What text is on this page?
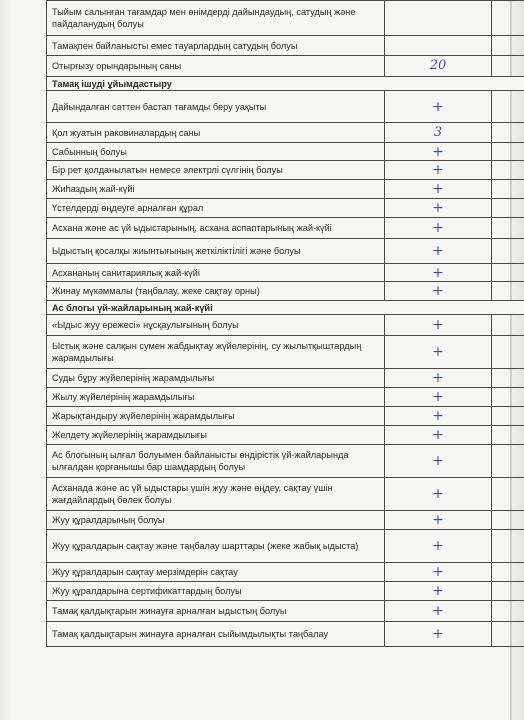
Тыйым салынған тағамдар мен өнімдерді дайындаудың, сатудың және пайдаланудың болуы		
Тамақпен байланысты емес тауарлардың сатудың болуы		
Отырғызу орындарының саны	20	
Тамақ ішуді ұйымдастыру		
Дайындалған сәттен бастап тағамды беру уақыты	+	
Қол жуатын раковиналардың саны	3	
Сабынның болуы	+	
Бір рет қолданылатын немесе электрлі сүлгінің болуы	+	
Жиһаздың жай-күйі	+	
Үстелдерді өңдеуге арналған құрал	+	
Асхана және ас үй ыдыстарының, асхана аспаптарының жай-күйі	+	
Ыдыстың қосалқы жиынтығының жеткіліктілігі және болуы	+	
Асхананың санитариялық жай-күйі	+	
Жинау мүкәммалы (таңбалау, жеке сақтау орны)	+	
Ас блогы үй-жайларының жай-күйі		
«Ыдыс жуу ережесі» нұсқаулығының болуы	+	
Ыстық және салқын сумен жабдықтау жүйелерінің, су жылытқыштардың жарамдылығы	+	
Суды бұру жүйелерінің жарамдылығы	+	
Жылу жүйелерінің жарамдылығы	+	
Жарықтандыру жүйелерінің жарамдылығы	+	
Желдету жүйелерінің жарамдылығы	+	
Ас блогының ылғал болуымен байланысты өндірістік үй-жайларында ылғалдан қорғанышы бар шамдардың болуы	+	
Асханада және ас үй ыдыстары үшін жуу және өңдеу, сақтау үшін жағдайлардың бөлек болуы	+	
Жуу құралдарының болуы	+	
Жуу құралдарын сақтау және таңбалау шарттары (жеке жабық ыдыста)	+	
Жуу құралдарын сақтау мерзімдерін сақтау	+	
Жуу құралдарына сертификаттардың болуы	+	
Тамақ қалдықтарын жинауға арналған ыдыстың болуы	+	
Тамақ қалдықтарын жинауға арналған сыйымдылықты таңбалау	+	
